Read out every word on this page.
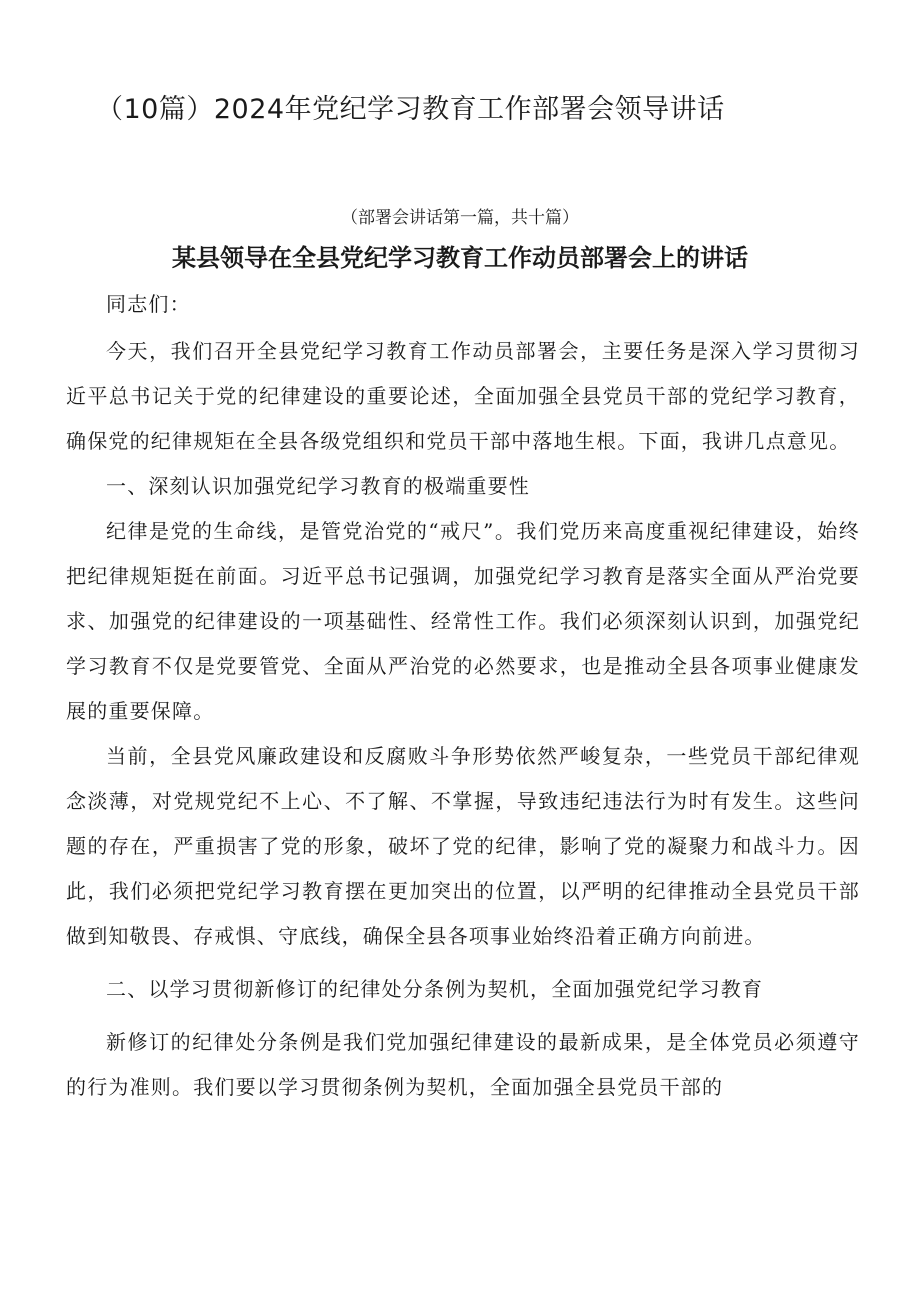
（10篇）2024年党纪学习教育工作部署会领导讲话
（部署会讲话第一篇，共十篇）
某县领导在全县党纪学习教育工作动员部署会上的讲话

同志们：

今天，我们召开全县党纪学习教育工作动员部署会，主要任务是深入学习贯彻习近平总书记关于党的纪律建设的重要论述，全面加强全县党员干部的党纪学习教育，确保党的纪律规矩在全县各级党组织和党员干部中落地生根。下面，我讲几点意见。

一、深刻认识加强党纪学习教育的极端重要性

纪律是党的生命线，是管党治党的“戒尺”。我们党历来高度重视纪律建设，始终把纪律规矩挺在前面。习近平总书记强调，加强党纪学习教育是落实全面从严治党要求、加强党的纪律建设的一项基础性、经常性工作。我们必须深刻认识到，加强党纪学习教育不仅是党要管党、全面从严治党的必然要求，也是推动全县各项事业健康发展的重要保障。

当前，全县党风廉政建设和反腐败斗争形势依然严峻复杂，一些党员干部纪律观念淡薄，对党规党纪不上心、不了解、不掌握，导致违纪违法行为时有发生。这些问题的存在，严重损害了党的形象，破坏了党的纪律，影响了党的凝聚力和战斗力。因此，我们必须把党纪学习教育摆在更加突出的位置，以严明的纪律推动全县党员干部做到知敬畏、存戒惧、守底线，确保全县各项事业始终沿着正确方向前进。

二、以学习贯彻新修订的纪律处分条例为契机，全面加强党纪学习教育

新修订的纪律处分条例是我们党加强纪律建设的最新成果，是全体党员必须遵守的行为准则。我们要以学习贯彻条例为契机，全面加强全县党员干部的
